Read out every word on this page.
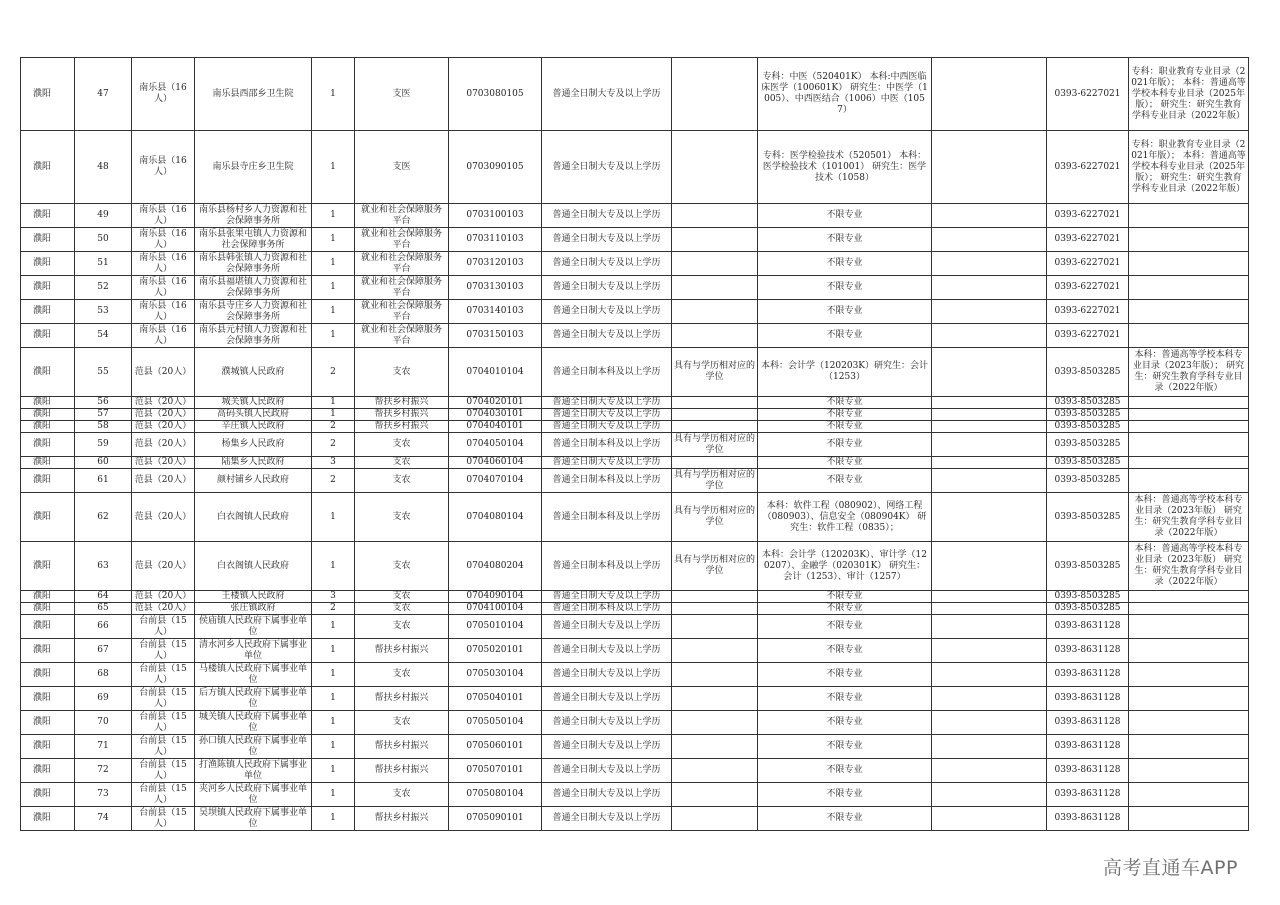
濮阳	47	南乐县（16人）	南乐县西邵乡卫生院	1	支医	0703080105	普通全日制大专及以上学历		专科：中医（520401K） 本科:中西医临床医学（100601K） 研究生：中医学（1005）、中西医结合（1006）中医（1057）		0393-6227021	专科：职业教育专业目录（2021年版）； 本科：普通高等学校本科专业目录（2025年版）； 研究生：研究生教育学科专业目录（2022年版）
濮阳	48	南乐县（16人）	南乐县寺庄乡卫生院	1	支医	0703090105	普通全日制大专及以上学历		专科：医学检验技术（520501） 本科：医学检验技术（101001） 研究生：医学技术（1058）		0393-6227021	专科：职业教育专业目录（2021年版）； 本科：普通高等学校本科专业目录（2025年版）； 研究生：研究生教育学科专业目录（2022年版）
濮阳	49	南乐县（16人）	南乐县杨村乡人力资源和社会保障事务所	1	就业和社会保障服务平台	0703100103	普通全日制大专及以上学历		不限专业		0393-6227021	
濮阳	50	南乐县（16人）	南乐县张果屯镇人力资源和社会保障事务所	1	就业和社会保障服务平台	0703110103	普通全日制大专及以上学历		不限专业		0393-6227021	
濮阳	51	南乐县（16人）	南乐县韩张镇人力资源和社会保障事务所	1	就业和社会保障服务平台	0703120103	普通全日制大专及以上学历		不限专业		0393-6227021	
濮阳	52	南乐县（16人）	南乐县福堪镇人力资源和社会保障事务所	1	就业和社会保障服务平台	0703130103	普通全日制大专及以上学历		不限专业		0393-6227021	
濮阳	53	南乐县（16人）	南乐县寺庄乡人力资源和社会保障事务所	1	就业和社会保障服务平台	0703140103	普通全日制大专及以上学历		不限专业		0393-6227021	
濮阳	54	南乐县（16人）	南乐县元村镇人力资源和社会保障事务所	1	就业和社会保障服务平台	0703150103	普通全日制大专及以上学历		不限专业		0393-6227021	
濮阳	55	范县（20人）	濮城镇人民政府	2	支农	0704010104	普通全日制本科及以上学历	具有与学历相对应的学位	本科：会计学（120203K）研究生：会计（1253）		0393-8503285	本科：普通高等学校本科专业目录（2023年版）； 研究生：研究生教育学科专业目录（2022年版）
濮阳	56	范县（20人）	城关镇人民政府	1	帮扶乡村振兴	0704020101	普通全日制大专及以上学历		不限专业		0393-8503285	
濮阳	57	范县（20人）	高码头镇人民政府	1	帮扶乡村振兴	0704030101	普通全日制大专及以上学历		不限专业		0393-8503285	
濮阳	58	范县（20人）	辛庄镇人民政府	2	帮扶乡村振兴	0704040101	普通全日制大专及以上学历		不限专业		0393-8503285	
濮阳	59	范县（20人）	杨集乡人民政府	2	支农	0704050104	普通全日制本科及以上学历	具有与学历相对应的学位	不限专业		0393-8503285	
濮阳	60	范县（20人）	陆集乡人民政府	3	支农	0704060104	普通全日制大专及以上学历		不限专业		0393-8503285	
濮阳	61	范县（20人）	颜村铺乡人民政府	2	支农	0704070104	普通全日制本科及以上学历	具有与学历相对应的学位	不限专业		0393-8503285	
濮阳	62	范县（20人）	白衣阁镇人民政府	1	支农	0704080104	普通全日制本科及以上学历	具有与学历相对应的学位	本科：软件工程（080902）、网络工程（080903）、信息安全（080904K） 研究生：软件工程（0835）；		0393-8503285	本科：普通高等学校本科专业目录（2023年版） 研究生：研究生教育学科专业目录（2022年版）
濮阳	63	范县（20人）	白衣阁镇人民政府	1	支农	0704080204	普通全日制本科及以上学历	具有与学历相对应的学位	本科：会计学（120203K）、审计学（120207）、金融学（020301K） 研究生：会计（1253）、审计（1257）		0393-8503285	本科：普通高等学校本科专业目录（2023年版） 研究生：研究生教育学科专业目录（2022年版）
濮阳	64	范县（20人）	王楼镇人民政府	3	支农	0704090104	普通全日制大专及以上学历		不限专业		0393-8503285	
濮阳	65	范县（20人）	张庄镇政府	2	支农	0704100104	普通全日制本科及以上学历		不限专业		0393-8503285	
濮阳	66	台前县（15人）	侯庙镇人民政府下属事业单位	1	支农	0705010104	普通全日制大专及以上学历		不限专业		0393-8631128	
濮阳	67	台前县（15人）	清水河乡人民政府下属事业单位	1	帮扶乡村振兴	0705020101	普通全日制大专及以上学历		不限专业		0393-8631128	
濮阳	68	台前县（15人）	马楼镇人民政府下属事业单位	1	支农	0705030104	普通全日制大专及以上学历		不限专业		0393-8631128	
濮阳	69	台前县（15人）	后方镇人民政府下属事业单位	1	帮扶乡村振兴	0705040101	普通全日制大专及以上学历		不限专业		0393-8631128	
濮阳	70	台前县（15人）	城关镇人民政府下属事业单位	1	支农	0705050104	普通全日制大专及以上学历		不限专业		0393-8631128	
濮阳	71	台前县（15人）	孙口镇人民政府下属事业单位	1	帮扶乡村振兴	0705060101	普通全日制大专及以上学历		不限专业		0393-8631128	
濮阳	72	台前县（15人）	打渔陈镇人民政府下属事业单位	1	帮扶乡村振兴	0705070101	普通全日制大专及以上学历		不限专业		0393-8631128	
濮阳	73	台前县（15人）	夹河乡人民政府下属事业单位	1	支农	0705080104	普通全日制大专及以上学历		不限专业		0393-8631128	
濮阳	74	台前县（15人）	吴坝镇人民政府下属事业单位	1	帮扶乡村振兴	0705090101	普通全日制大专及以上学历		不限专业		0393-8631128	
高考直通车APP
